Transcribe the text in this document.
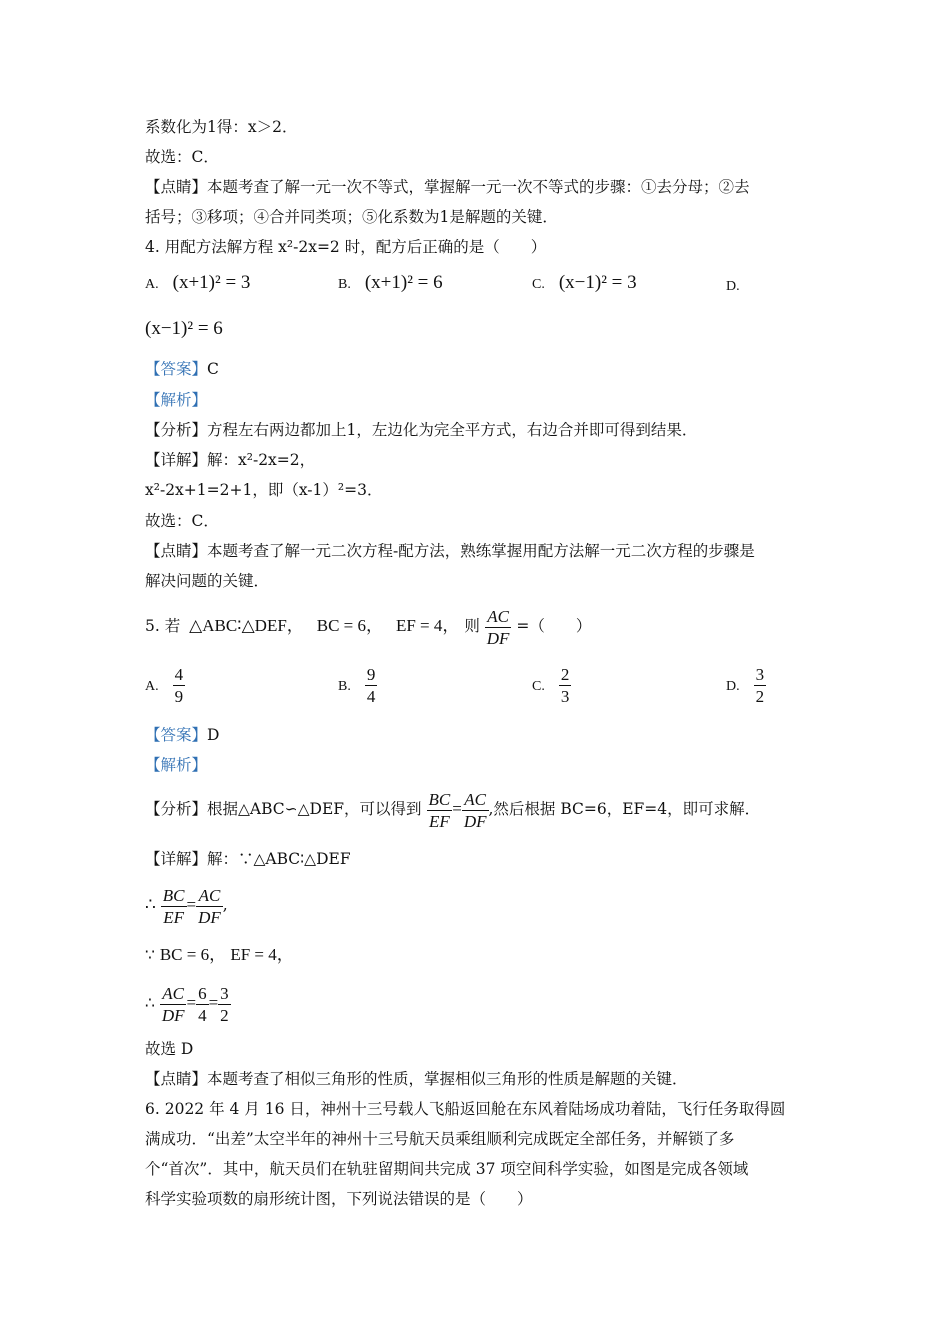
系数化为1得：x＞2．
故选：C．
【点睛】本题考查了解一元一次不等式，掌握解一元一次不等式的步骤：①去分母；②去
括号；③移项；④合并同类项；⑤化系数为1是解题的关键．
4. 用配方法解方程 x²-2x=2 时，配方后正确的是（　　）
A. (x+1)² = 3	B. (x+1)² = 6	C. (x−1)² = 3	D.
(x−1)² = 6
【答案】C
【解析】
【分析】方程左右两边都加上1，左边化为完全平方式，右边合并即可得到结果．
【详解】解：x²-2x=2，
x²-2x+1=2+1，即（x-1）²=3．
故选：C．
【点睛】本题考查了解一元二次方程-配方法，熟练掌握用配方法解一元二次方程的步骤是
解决问题的关键．
5. 若 △ABC∶△DEF， BC = 6， EF = 4， 则 $\frac{AC}{DF}$ =（　　）
A. $\frac{4}{9}$	B. $\frac{9}{4}$	C. $\frac{2}{3}$	D. $\frac{3}{2}$
【答案】D
【解析】
【分析】根据△ABC∽△DEF，可以得到 $\frac{BC}{EF} = \frac{AC}{DF}$ ,然后根据 BC=6，EF=4，即可求解．
【详解】解：∵△ABC∶△DEF
∴ $\frac{BC}{EF} = \frac{AC}{DF}$ ,
∵ BC = 6， EF = 4，
∴ $\frac{AC}{DF} = \frac{6}{4} = \frac{3}{2}$
故选 D
【点睛】本题考查了相似三角形的性质，掌握相似三角形的性质是解题的关键．
6. 2022 年 4 月 16 日，神州十三号载人飞船返回舱在东风着陆场成功着陆，飞行任务取得圆
满成功．“出差”太空半年的神州十三号航天员乘组顺利完成既定全部任务，并解锁了多
个“首次”．其中，航天员们在轨驻留期间共完成 37 项空间科学实验，如图是完成各领域
科学实验项数的扇形统计图，下列说法错误的是（　　）
